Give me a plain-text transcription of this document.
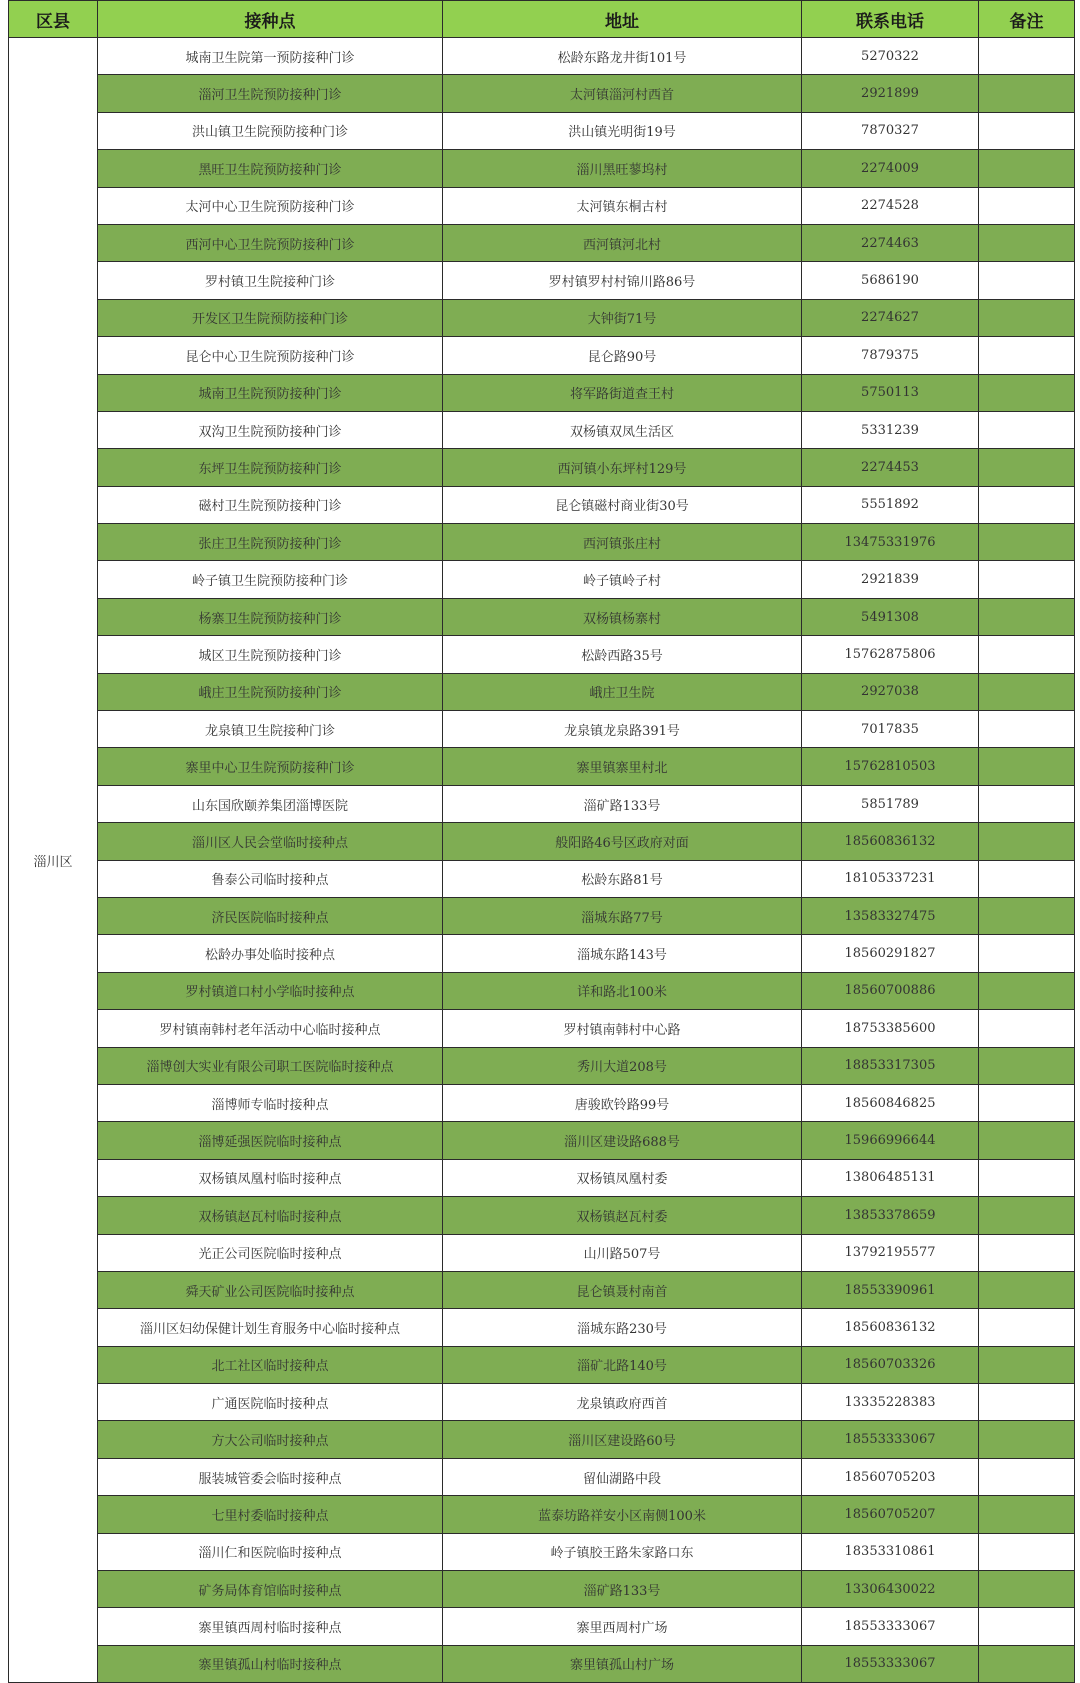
区县	接种点	地址	联系电话	备注
淄川区	城南卫生院第一预防接种门诊	松龄东路龙井街101号	5270322	
	淄河卫生院预防接种门诊	太河镇淄河村西首	2921899	
	洪山镇卫生院预防接种门诊	洪山镇光明街19号	7870327	
	黑旺卫生院预防接种门诊	淄川黑旺蓼坞村	2274009	
	太河中心卫生院预防接种门诊	太河镇东桐古村	2274528	
	西河中心卫生院预防接种门诊	西河镇河北村	2274463	
	罗村镇卫生院接种门诊	罗村镇罗村村锦川路86号	5686190	
	开发区卫生院预防接种门诊	大钟街71号	2274627	
	昆仑中心卫生院预防接种门诊	昆仑路90号	7879375	
	城南卫生院预防接种门诊	将军路街道查王村	5750113	
	双沟卫生院预防接种门诊	双杨镇双凤生活区	5331239	
	东坪卫生院预防接种门诊	西河镇小东坪村129号	2274453	
	磁村卫生院预防接种门诊	昆仑镇磁村商业街30号	5551892	
	张庄卫生院预防接种门诊	西河镇张庄村	13475331976	
	岭子镇卫生院预防接种门诊	岭子镇岭子村	2921839	
	杨寨卫生院预防接种门诊	双杨镇杨寨村	5491308	
	城区卫生院预防接种门诊	松龄西路35号	15762875806	
	峨庄卫生院预防接种门诊	峨庄卫生院	2927038	
	龙泉镇卫生院接种门诊	龙泉镇龙泉路391号	7017835	
	寨里中心卫生院预防接种门诊	寨里镇寨里村北	15762810503	
	山东国欣颐养集团淄博医院	淄矿路133号	5851789	
	淄川区人民会堂临时接种点	般阳路46号区政府对面	18560836132	
	鲁泰公司临时接种点	松龄东路81号	18105337231	
	济民医院临时接种点	淄城东路77号	13583327475	
	松龄办事处临时接种点	淄城东路143号	18560291827	
	罗村镇道口村小学临时接种点	详和路北100米	18560700886	
	罗村镇南韩村老年活动中心临时接种点	罗村镇南韩村中心路	18753385600	
	淄博创大实业有限公司职工医院临时接种点	秀川大道208号	18853317305	
	淄博师专临时接种点	唐骏欧铃路99号	18560846825	
	淄博延强医院临时接种点	淄川区建设路688号	15966996644	
	双杨镇凤凰村临时接种点	双杨镇凤凰村委	13806485131	
	双杨镇赵瓦村临时接种点	双杨镇赵瓦村委	13853378659	
	光正公司医院临时接种点	山川路507号	13792195577	
	舜天矿业公司医院临时接种点	昆仑镇聂村南首	18553390961	
	淄川区妇幼保健计划生育服务中心临时接种点	淄城东路230号	18560836132	
	北工社区临时接种点	淄矿北路140号	18560703326	
	广通医院临时接种点	龙泉镇政府西首	13335228383	
	方大公司临时接种点	淄川区建设路60号	18553333067	
	服装城管委会临时接种点	留仙湖路中段	18560705203	
	七里村委临时接种点	蓝泰坊路祥安小区南侧100米	18560705207	
	淄川仁和医院临时接种点	岭子镇胶王路朱家路口东	18353310861	
	矿务局体育馆临时接种点	淄矿路133号	13306430022	
	寨里镇西周村临时接种点	寨里西周村广场	18553333067	
	寨里镇孤山村临时接种点	寨里镇孤山村广场	18553333067	
